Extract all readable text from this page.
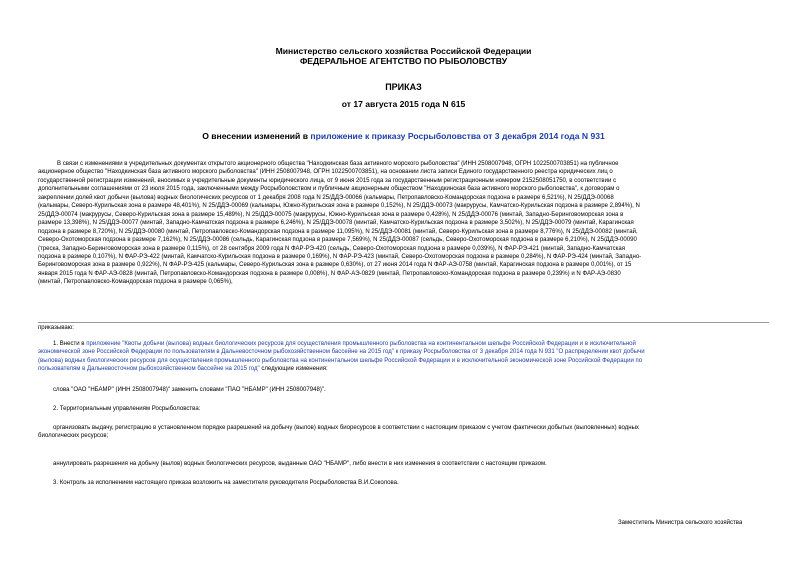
Министерство сельского хозяйства Российской Федерации
ФЕДЕРАЛЬНОЕ АГЕНТСТВО ПО РЫБОЛОВСТВУ
ПРИКАЗ
от 17 августа 2015 года N 615
О внесении изменений в приложение к приказу Росрыболовства от 3 декабря 2014 года N 931
В связи с изменениями в учредительных документах открытого акционерного общества "Находкинская база активного морского рыболовства" (ИНН 2508007948, ОГРН 1022500703851) на публичное
акционерное общество "Находкинская база активного морского рыболовства" (ИНН 2508007948, ОГРН 1022500703851), на основании листа записи Единого государственного реестра юридических лиц о
государственной регистрации изменений, вносимых в учредительные документы юридического лица, от 9 июня 2015 года за государственным регистрационным номером 2152508051750, в соответствии с
дополнительными соглашениями от 23 июля 2015 года, заключенными между Росрыболовством и публичным акционерным обществом "Находкинская база активного морского рыболовства", к договорам о
закреплении долей квот добычи (вылова) водных биологических ресурсов от 1 декабря 2008 года N 25/ДДЭ-00066 (кальмары, Петропавловско-Командорская подзона в размере 6,521%), N 25/ДДЭ-00068
(кальмары, Северо-Курильская зона в размере 48,401%), N 25/ДДЭ-00069 (кальмары, Южно-Курильская зона в размере 0,152%), N 25/ДДЭ-00073 (макрурусы, Камчатско-Курильская подзона в размере 2,894%), N
25/ДДЭ-00074 (макрурусы, Северо-Курильская зона в размере 15,489%), N 25/ДДЭ-00075 (макрурусы, Южно-Курильская зона в размере 0,428%), N 25/ДДЭ-00076 (минтай, Западно-Беринговоморская зона в
размере 13,398%), N 25/ДДЭ-00077 (минтай, Западно-Камчатская подзона в размере 6,246%), N 25/ДДЭ-00078 (минтай, Камчатско-Курильская подзона в размере 3,502%), N 25/ДДЭ-00079 (минтай, Карагинская
подзона в размере 8,720%), N 25/ДДЭ-00080 (минтай, Петропавловско-Командорская подзона в размере 11,095%), N 25/ДДЭ-00081 (минтай, Северо-Курильская зона в размере 8,776%), N 25/ДДЭ-00082 (минтай,
Северо-Охотоморская подзона в размере 7,162%), N 25/ДДЭ-00086 (сельдь, Карагинская подзона в размере 7,569%), N 25/ДДЭ-00087 (сельдь, Северо-Охотоморская подзона в размере 6,210%), N 25/ДДЭ-00090
(треска, Западно-Беринговоморская зона в размере 0,115%), от 28 сентября 2009 года N ФАР-РЭ-420 (сельдь, Северо-Охотоморская подзона в размере 0,039%), N ФАР-РЭ-421 (минтай, Западно-Камчатская
подзона в размере 0,107%), N ФАР-РЭ-422 (минтай, Камчатско-Курильская подзона в размере 0,169%), N ФАР-РЭ-423 (минтай, Северо-Охотоморская подзона в размере 0,284%), N ФАР-РЭ-424 (минтай, Западно-
Беринговоморская зона в размере 0,922%), N ФАР-РЭ-425 (кальмары, Северо-Курильская зона в размере 0,630%), от 27 июня 2014 года N ФАР-АЭ-0758 (минтай, Карагинская подзона в размере 0,001%), от 15
января 2015 года N ФАР-АЭ-0828 (минтай, Петропавловско-Командорская подзона в размере 0,008%), N ФАР-АЭ-0829 (минтай, Петропавловско-Командорская подзона в размере 0,239%) и N ФАР-АЭ-0830
(минтай, Петропавловско-Командорская подзона в размере 0,065%),
приказываю:
1. Внести в приложение "Квоты добычи (вылова) водных биологических ресурсов для осуществления промышленного рыболовства на континентальном шельфе Российской Федерации и в исключительной
экономической зоне Российской Федерации по пользователям в Дальневосточном рыбохозяйственном бассейне на 2015 год" к приказу Росрыболовства от 3 декабря 2014 года N 931 "О распределении квот добычи
(вылова) водных биологических ресурсов для осуществления промышленного рыболовства на континентальном шельфе Российской Федерации и в исключительной экономической зоне Российской Федерации по
пользователям в Дальневосточном рыбохозяйственном бассейне на 2015 год" следующие изменения:
слова "ОАО "НБАМР" (ИНН 2508007948)" заменить словами "ПАО "НБАМР" (ИНН 2508007948)".
2. Территориальным управлениям Росрыболовства:
организовать выдачу, регистрацию в установленном порядке разрешений на добычу (вылов) водных биоресурсов в соответствии с настоящим приказом с учетом фактически добытых (выловленных) водных
биологических ресурсов;
аннулировать разрешения на добычу (вылов) водных биологических ресурсов, выданные ОАО "НБАМР", либо внести в них изменения в соответствии с настоящим приказом.
3. Контроль за исполнением настоящего приказа возложить на заместителя руководителя Росрыболовства В.И.Соколова.
Заместитель Министра сельского хозяйства
